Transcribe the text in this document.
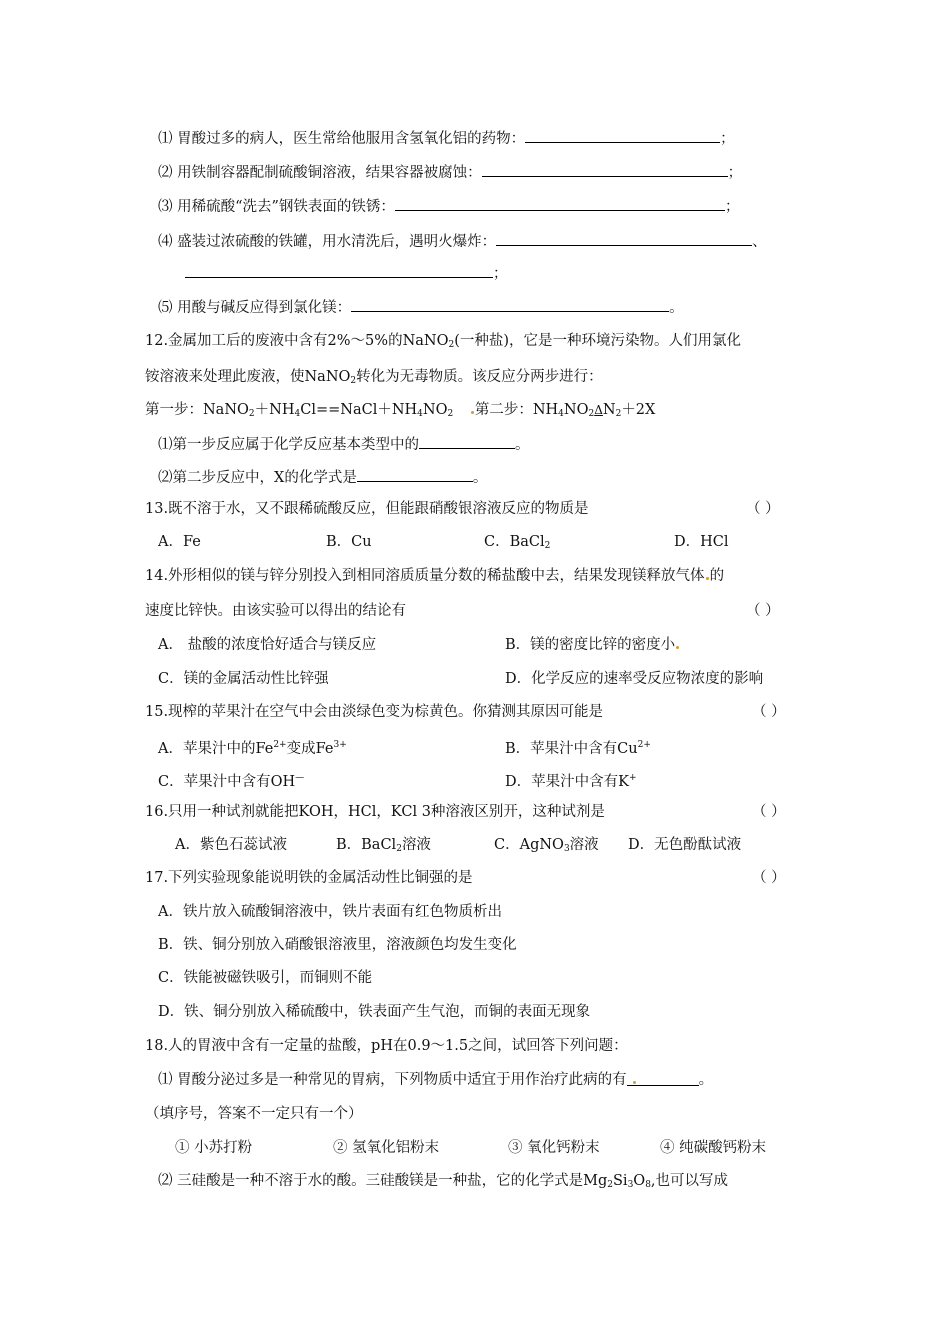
⑴ 胃酸过多的病人，医生常给他服用含氢氧化铝的药物：	；
⑵ 用铁制容器配制硫酸铜溶液，结果容器被腐蚀：	；
⑶ 用稀硫酸“洗去”钢铁表面的铁锈：	；
⑷ 盛装过浓硫酸的铁罐，用水清洗后，遇明火爆炸：	、
；
⑸ 用酸与碱反应得到氯化镁：	。
12.金属加工后的废液中含有2%～5%的NaNO$_2$(一种盐)，它是一种环境污染物。人们用氯化
铵溶液来处理此废液，使NaNO$_2$转化为无毒物质。该反应分两步进行：
第一步：$NaNO_2+NH_4Cl==NaCl+NH_4NO_2$ 第二步：$NH_4NO_2\Delta N_2+2X$
⑴第一步反应属于化学反应基本类型中的	。
⑵第二步反应中，X的化学式是	。
13.既不溶于水，又不跟稀硫酸反应，但能跟硝酸银溶液反应的物质是	（ ）
A．Fe	B．Cu	C．BaCl$_2$	D．HCl
14.外形相似的镁与锌分别投入到相同溶质质量分数的稀盐酸中去，结果发现镁释放气体 的
速度比锌快。由该实验可以得出的结论有	（ ）
A． 盐酸的浓度恰好适合与镁反应	B．镁的密度比锌的密度小
C．镁的金属活动性比锌强	D．化学反应的速率受反应物浓度的影响
15.现榨的苹果汁在空气中会由淡绿色变为棕黄色。你猜测其原因可能是	（ ）
A．苹果汁中的$Fe^{2+}$变成$Fe^{3+}$	B．苹果汁中含有$Cu^{2+}$
C．苹果汁中含有OH—	D．苹果汁中含有K+
16.只用一种试剂就能把KOH，HCl，KCl 3种溶液区别开，这种试剂是	（ ）
A．紫色石蕊试液	B．BaCl$_2$溶液	C．AgNO$_3$溶液 D．无色酚酞试液
17.下列实验现象能说明铁的金属活动性比铜强的是	（ ）
A．铁片放入硫酸铜溶液中，铁片表面有红色物质析出
B．铁、铜分别放入硝酸银溶液里，溶液颜色均发生变化
C．铁能被磁铁吸引，而铜则不能
D．铁、铜分别放入稀硫酸中，铁表面产生气泡，而铜的表面无现象
18.人的胃液中含有一定量的盐酸，pH在0.9～1.5之间，试回答下列问题：
⑴ 胃酸分泌过多是一种常见的胃病，下列物质中适宜于用作治疗此病的有	。
（填序号，答案不一定只有一个）
① 小苏打粉	② 氢氧化铝粉末	③ 氧化钙粉末	④ 纯碳酸钙粉末
⑵ 三硅酸是一种不溶于水的酸。三硅酸镁是一种盐，它的化学式是$Mg_2Si_3O_8$,也可以写成
